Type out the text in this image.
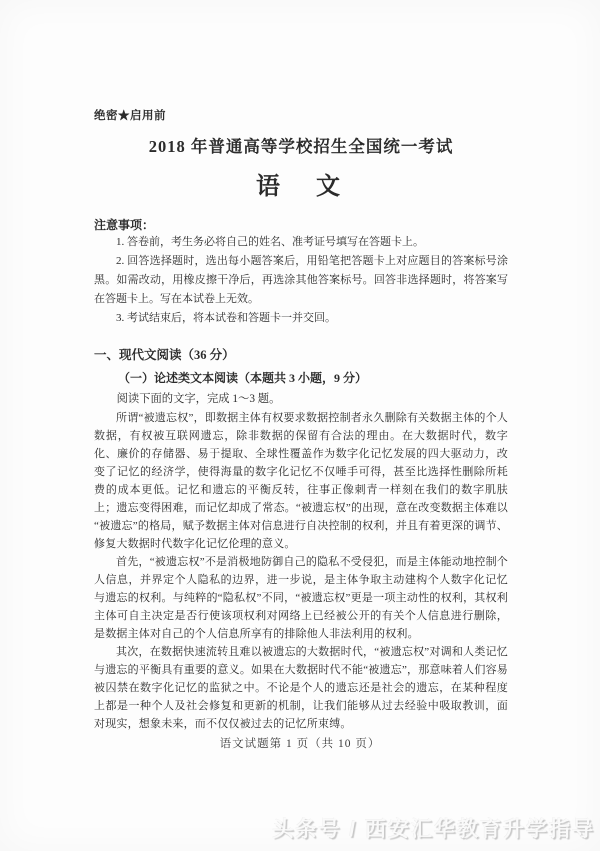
绝密★启用前
2018 年普通高等学校招生全国统一考试
语　文
注意事项：

1. 答卷前，考生务必将自己的姓名、准考证号填写在答题卡上。

2. 回答选择题时，选出每小题答案后，用铅笔把答题卡上对应题目的答案标号涂黑。如需改动，用橡皮擦干净后，再选涂其他答案标号。回答非选择题时，将答案写在答题卡上。写在本试卷上无效。

3. 考试结束后，将本试卷和答题卡一并交回。

一、现代文阅读（36 分）
（一）论述类文本阅读（本题共 3 小题，9 分）

阅读下面的文字，完成 1～3 题。

所谓“被遗忘权”，即数据主体有权要求数据控制者永久删除有关数据主体的个人数据，有权被互联网遗忘，除非数据的保留有合法的理由。在大数据时代，数字化、廉价的存储器、易于提取、全球性覆盖作为数字化记忆发展的四大驱动力，改变了记忆的经济学，使得海量的数字化记忆不仅唾手可得，甚至比选择性删除所耗费的成本更低。记忆和遗忘的平衡反转，往事正像刺青一样刻在我们的数字肌肤上；遗忘变得困难，而记忆却成了常态。“被遗忘权”的出现，意在改变数据主体难以“被遗忘”的格局，赋予数据主体对信息进行自决控制的权利，并且有着更深的调节、修复大数据时代数字化记忆伦理的意义。

首先，“被遗忘权”不是消极地防御自己的隐私不受侵犯，而是主体能动地控制个人信息，并界定个人隐私的边界，进一步说，是主体争取主动建构个人数字化记忆与遗忘的权利。与纯粹的“隐私权”不同，“被遗忘权”更是一项主动性的权利，其权利主体可自主决定是否行使该项权利对网络上已经被公开的有关个人信息进行删除，是数据主体对自己的个人信息所享有的排除他人非法利用的权利。

其次，在数据快速流转且难以被遗忘的大数据时代，“被遗忘权”对调和人类记忆与遗忘的平衡具有重要的意义。如果在大数据时代不能“被遗忘”，那意味着人们容易被囚禁在数字化记忆的监狱之中。不论是个人的遗忘还是社会的遗忘，在某种程度上都是一种个人及社会修复和更新的机制，让我们能够从过去经验中吸取教训，面对现实，想象未来，而不仅仅被过去的记忆所束缚。

语文试题第 1 页（共 10 页）
头条号 / 西安汇华教育升学指导
